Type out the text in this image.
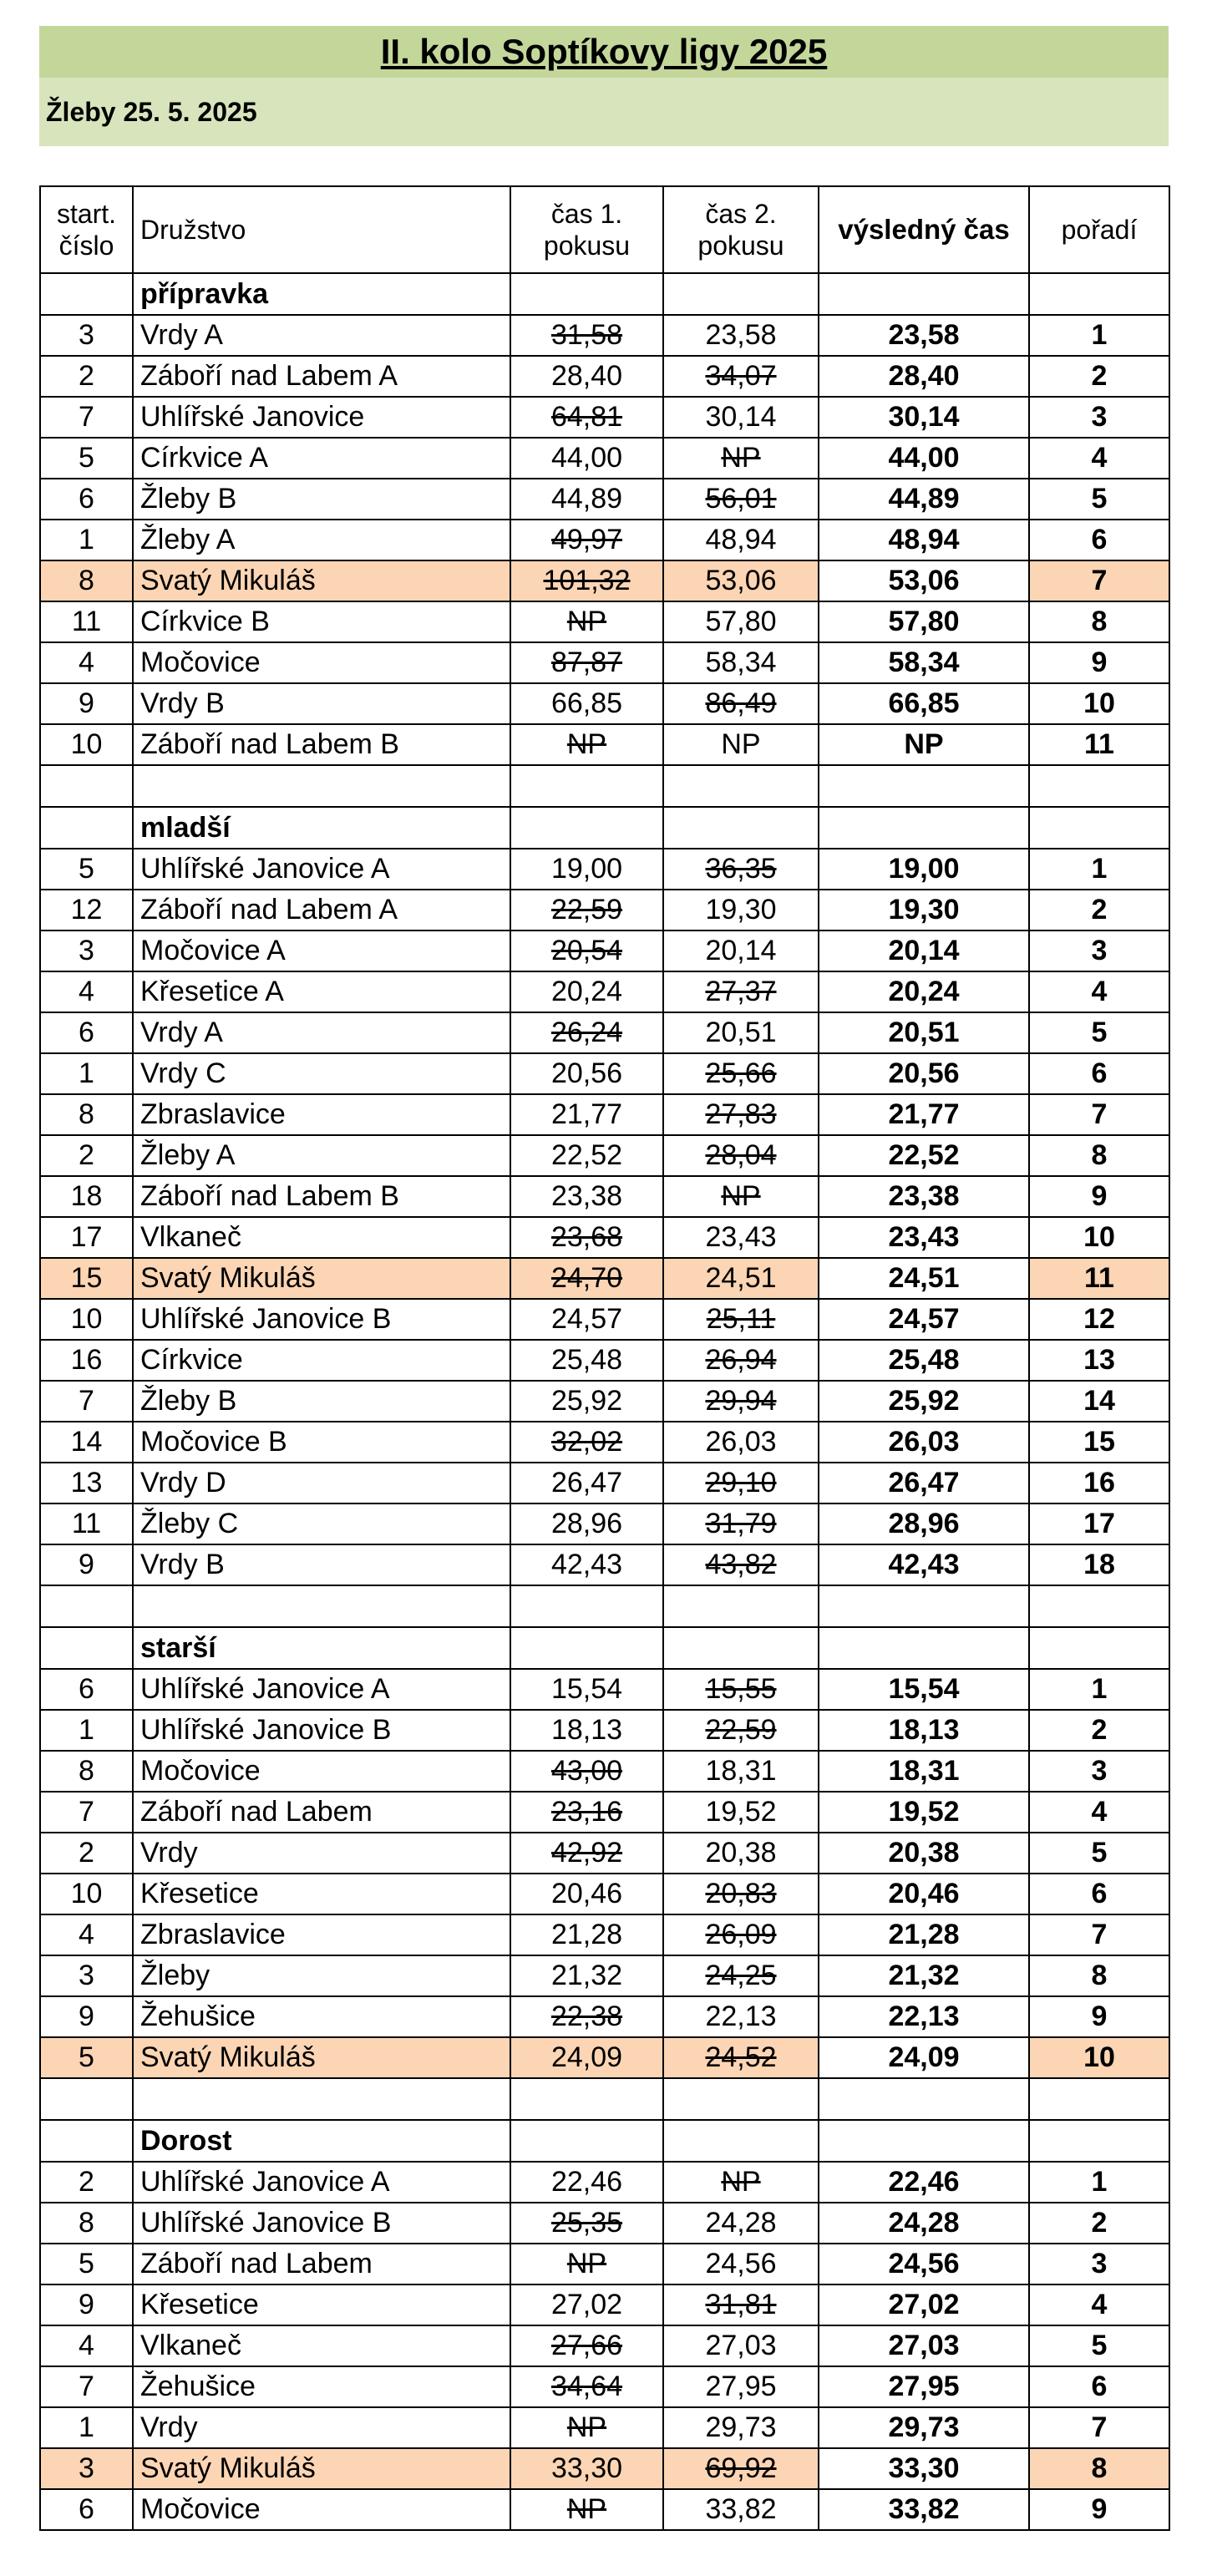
II. kolo Soptíkovy ligy 2025
Žleby 25. 5. 2025
start. číslo	Družstvo	čas 1. pokusu	čas 2. pokusu	výsledný čas	pořadí
	přípravka				
3	Vrdy A	31,58	23,58	23,58	1
2	Záboří nad Labem A	28,40	34,07	28,40	2
7	Uhlířské Janovice	64,81	30,14	30,14	3
5	Církvice A	44,00	NP	44,00	4
6	Žleby B	44,89	56,01	44,89	5
1	Žleby A	49,97	48,94	48,94	6
8	Svatý Mikuláš	101,32	53,06	53,06	7
11	Církvice B	NP	57,80	57,80	8
4	Močovice	87,87	58,34	58,34	9
9	Vrdy B	66,85	86,49	66,85	10
10	Záboří nad Labem B	NP	NP	NP	11

	mladší				
5	Uhlířské Janovice A	19,00	36,35	19,00	1
12	Záboří nad Labem A	22,59	19,30	19,30	2
3	Močovice A	20,54	20,14	20,14	3
4	Křesetice A	20,24	27,37	20,24	4
6	Vrdy A	26,24	20,51	20,51	5
1	Vrdy C	20,56	25,66	20,56	6
8	Zbraslavice	21,77	27,83	21,77	7
2	Žleby A	22,52	28,04	22,52	8
18	Záboří nad Labem B	23,38	NP	23,38	9
17	Vlkaneč	23,68	23,43	23,43	10
15	Svatý Mikuláš	24,70	24,51	24,51	11
10	Uhlířské Janovice B	24,57	25,11	24,57	12
16	Církvice	25,48	26,94	25,48	13
7	Žleby B	25,92	29,94	25,92	14
14	Močovice B	32,02	26,03	26,03	15
13	Vrdy D	26,47	29,10	26,47	16
11	Žleby C	28,96	31,79	28,96	17
9	Vrdy B	42,43	43,82	42,43	18

	starší				
6	Uhlířské Janovice A	15,54	15,55	15,54	1
1	Uhlířské Janovice B	18,13	22,59	18,13	2
8	Močovice	43,00	18,31	18,31	3
7	Záboří nad Labem	23,16	19,52	19,52	4
2	Vrdy	42,92	20,38	20,38	5
10	Křesetice	20,46	20,83	20,46	6
4	Zbraslavice	21,28	26,09	21,28	7
3	Žleby	21,32	24,25	21,32	8
9	Žehušice	22,38	22,13	22,13	9
5	Svatý Mikuláš	24,09	24,52	24,09	10

	Dorost				
2	Uhlířské Janovice A	22,46	NP	22,46	1
8	Uhlířské Janovice B	25,35	24,28	24,28	2
5	Záboří nad Labem	NP	24,56	24,56	3
9	Křesetice	27,02	31,81	27,02	4
4	Vlkaneč	27,66	27,03	27,03	5
7	Žehušice	34,64	27,95	27,95	6
1	Vrdy	NP	29,73	29,73	7
3	Svatý Mikuláš	33,30	69,92	33,30	8
6	Močovice	NP	33,82	33,82	9
